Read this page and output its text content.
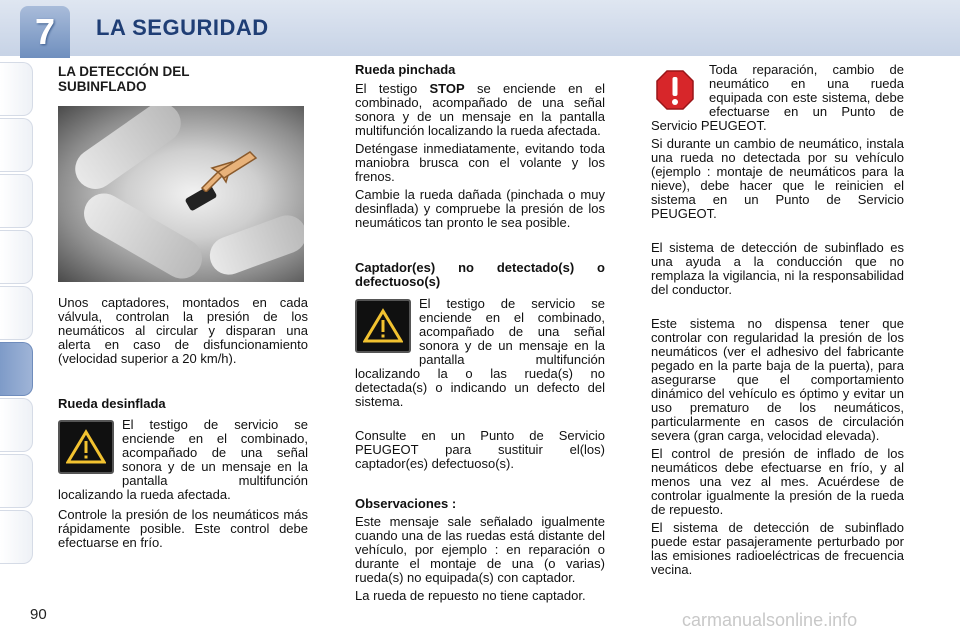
7	LA SEGURIDAD

LA DETECCIÓN DEL

SUBINFLADO

Unos captadores, montados en cada válvula, controlan la presión de los neumáticos al circular y disparan una alerta en caso de disfuncionamiento (velocidad superior a 20 km/h).

Rueda desinflada

El testigo de servicio se enciende en el combinado, acompañado de una señal sonora y de un mensaje en la pantalla multifunción localizando la rueda afectada.

Controle la presión de los neumáticos más rápidamente posible. Este control debe efectuarse en frío.

Rueda pinchada

El testigo STOP se enciende en el combinado, acompañado de una señal sonora y de un mensaje en la pantalla multifunción localizando la rueda afectada.

Deténgase inmediatamente, evitando toda maniobra brusca con el volante y los frenos.

Cambie la rueda dañada (pinchada o muy desinflada) y compruebe la presión de los neumáticos tan pronto le sea posible.

Captador(es) no detectado(s) o defectuoso(s)

El testigo de servicio se enciende en el combinado, acompañado de una señal sonora y de un mensaje en la pantalla multifunción localizando la o las rueda(s) no detectada(s) o indicando un defecto del sistema.

Consulte en un Punto de Servicio PEUGEOT para sustituir el(los) captador(es) defectuoso(s).

Observaciones :

Este mensaje sale señalado igualmente cuando una de las ruedas está distante del vehículo, por ejemplo : en reparación o durante el montaje de una (o varias) rueda(s) no equipada(s) con captador.

La rueda de repuesto no tiene captador.

Toda reparación, cambio de neumático en una rueda equipada con este sistema, debe efectuarse en un Punto de Servicio PEUGEOT.

Si durante un cambio de neumático, instala una rueda no detectada por su vehículo (ejemplo : montaje de neumáticos para la nieve), debe hacer que le reinicien el sistema en un Punto de Servicio PEUGEOT.

El sistema de detección de subinflado es una ayuda a la conducción que no remplaza la vigilancia, ni la responsabilidad del conductor.

Este sistema no dispensa tener que controlar con regularidad la presión de los neumáticos (ver el adhesivo del fabricante pegado en la parte baja de la puerta), para asegurarse que el comportamiento dinámico del vehículo es óptimo y evitar un uso prematuro de los neumáticos, particularmente en casos de circulación severa (gran carga, velocidad elevada).

El control de presión de inflado de los neumáticos debe efectuarse en frío, y al menos una vez al mes. Acuérdese de controlar igualmente la presión de la rueda de repuesto.

El sistema de detección de subinflado puede estar pasajeramente perturbado por las emisiones radioeléctricas de frecuencia vecina.

90	carmanualsonline.info
